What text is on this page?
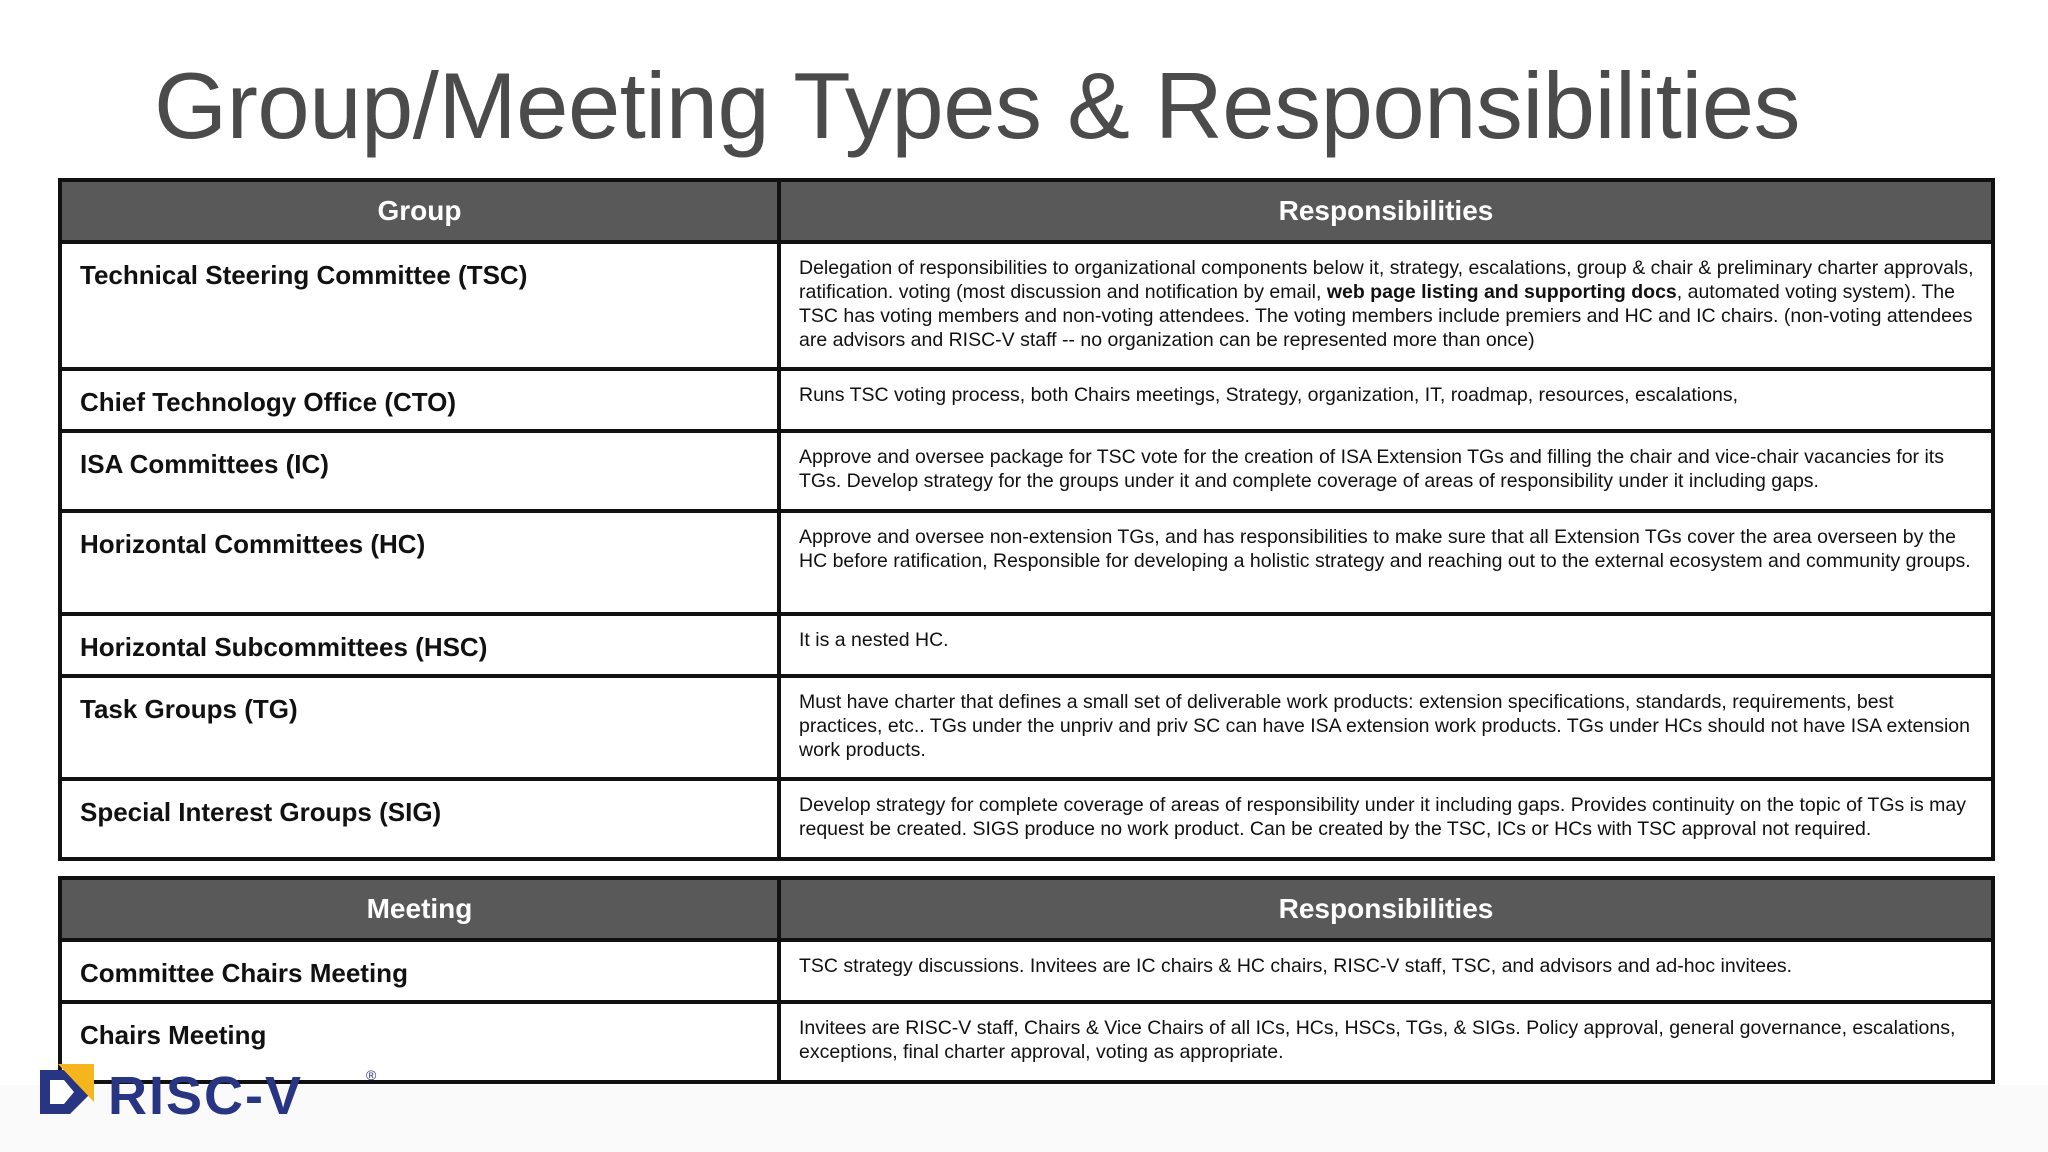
Group/Meeting Types & Responsibilities
Group	Responsibilities
Technical Steering Committee (TSC)	Delegation of responsibilities to organizational components below it, strategy, escalations, group & chair & preliminary charter approvals, ratification. voting (most discussion and notification by email, web page listing and supporting docs, automated voting system). The TSC has voting members and non-voting attendees. The voting members include premiers and HC and IC chairs. (non-voting attendees are advisors and RISC-V staff -- no organization can be represented more than once)
Chief Technology Office (CTO)	Runs TSC voting process, both Chairs meetings, Strategy, organization, IT, roadmap, resources, escalations,
ISA Committees (IC)	Approve and oversee package for TSC vote for the creation of ISA Extension TGs and filling the chair and vice-chair vacancies for its TGs. Develop strategy for the groups under it and complete coverage of areas of responsibility under it including gaps.
Horizontal Committees (HC)	Approve and oversee non-extension TGs, and has responsibilities to make sure that all Extension TGs cover the area overseen by the HC before ratification, Responsible for developing a holistic strategy and reaching out to the external ecosystem and community groups.
Horizontal Subcommittees (HSC)	It is a nested HC.
Task Groups (TG)	Must have charter that defines a small set of deliverable work products: extension specifications, standards, requirements, best practices, etc.. TGs under the unpriv and priv SC can have ISA extension work products. TGs under HCs should not have ISA extension work products.
Special Interest Groups (SIG)	Develop strategy for complete coverage of areas of responsibility under it including gaps. Provides continuity on the topic of TGs is may request be created. SIGS produce no work product. Can be created by the TSC, ICs or HCs with TSC approval not required.
Meeting	Responsibilities
Committee Chairs Meeting	TSC strategy discussions. Invitees are IC chairs & HC chairs, RISC-V staff, TSC, and advisors and ad-hoc invitees.
Chairs Meeting	Invitees are RISC-V staff, Chairs & Vice Chairs of all ICs, HCs, HSCs, TGs, & SIGs. Policy approval, general governance, escalations, exceptions, final charter approval, voting as appropriate.
RISC-V	®
